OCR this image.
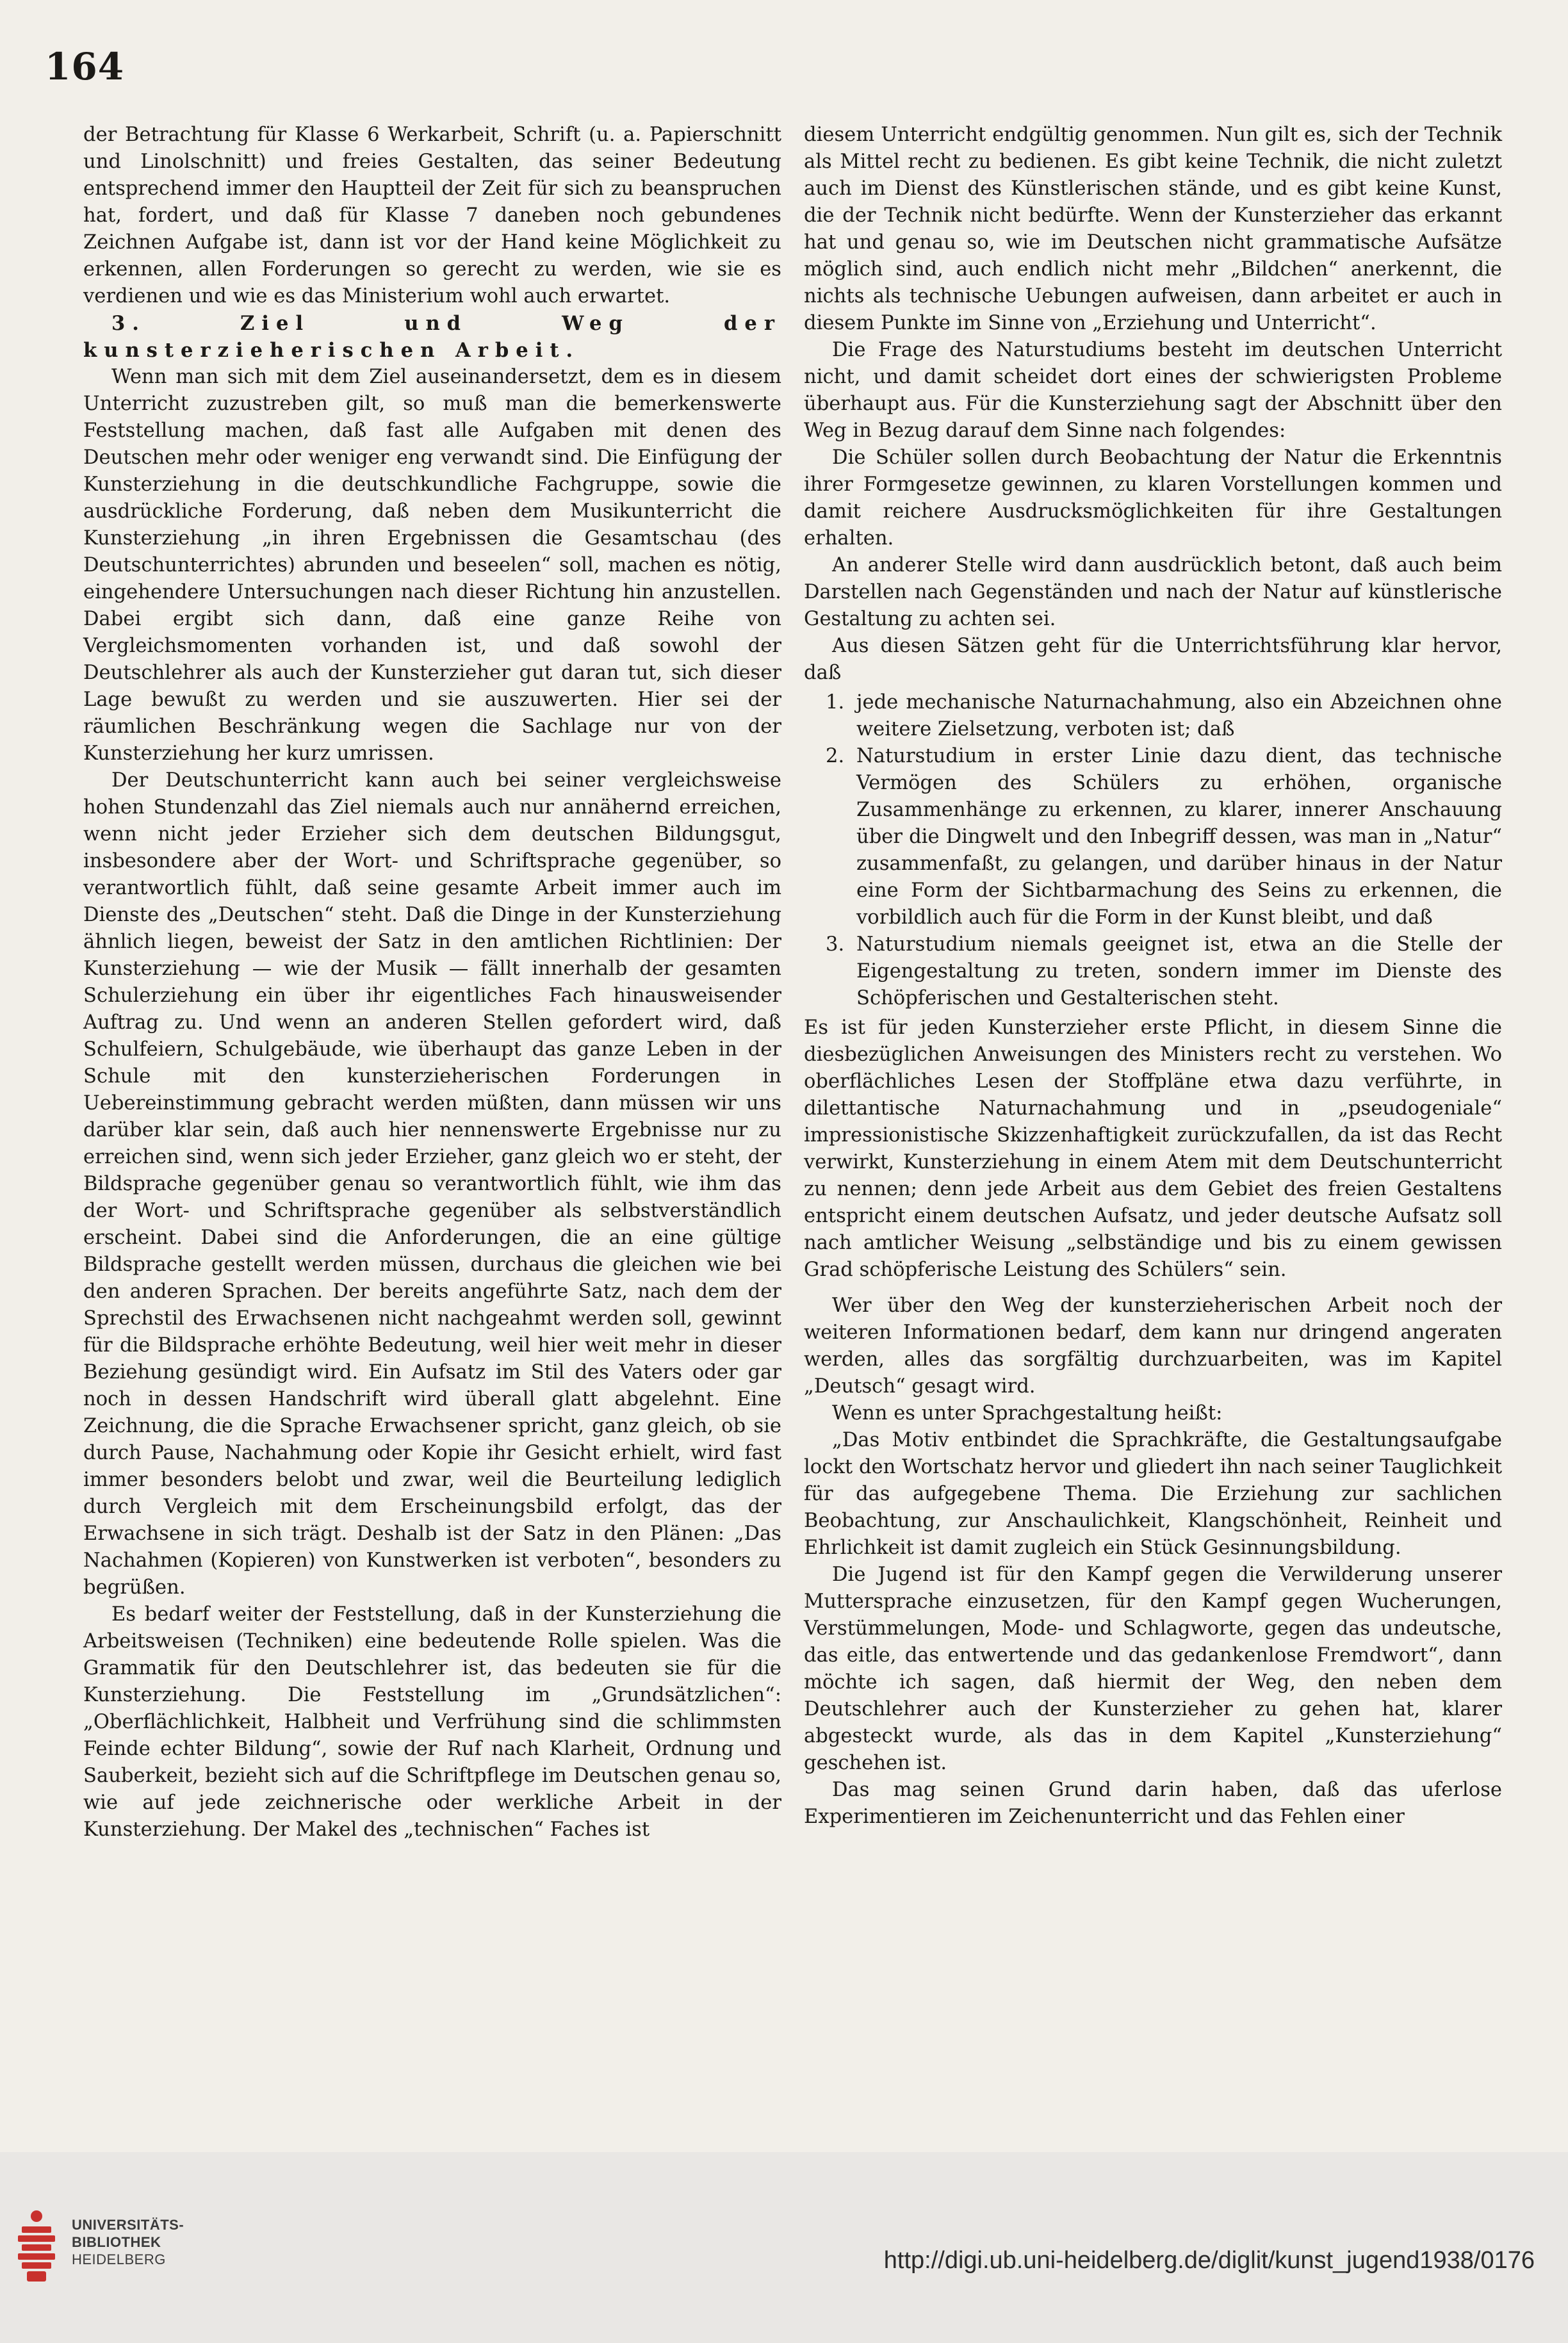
164

der Betrachtung für Klasse 6 Werkarbeit, Schrift (u. a. Papierschnitt und Linolschnitt) und freies Gestalten, das seiner Bedeutung entsprechend immer den Hauptteil der Zeit für sich zu beanspruchen hat, fordert, und daß für Klasse 7 daneben noch gebundenes Zeichnen Aufgabe ist, dann ist vor der Hand keine Möglichkeit zu erkennen, allen Forderungen so gerecht zu werden, wie sie es verdienen und wie es das Ministerium wohl auch erwartet.

3. Ziel und Weg der kunsterzieherischen Arbeit.

Wenn man sich mit dem Ziel auseinandersetzt, dem es in diesem Unterricht zuzustreben gilt, so muß man die bemerkenswerte Feststellung machen, daß fast alle Aufgaben mit denen des Deutschen mehr oder weniger eng verwandt sind. Die Einfügung der Kunsterziehung in die deutschkundliche Fachgruppe, sowie die ausdrückliche Forderung, daß neben dem Musikunterricht die Kunsterziehung „in ihren Ergebnissen die Gesamtschau (des Deutschunterrichtes) abrunden und beseelen“ soll, machen es nötig, eingehendere Untersuchungen nach dieser Richtung hin anzustellen. Dabei ergibt sich dann, daß eine ganze Reihe von Vergleichsmomenten vorhanden ist, und daß sowohl der Deutschlehrer als auch der Kunsterzieher gut daran tut, sich dieser Lage bewußt zu werden und sie auszuwerten. Hier sei der räumlichen Beschränkung wegen die Sachlage nur von der Kunsterziehung her kurz umrissen.

Der Deutschunterricht kann auch bei seiner vergleichsweise hohen Stundenzahl das Ziel niemals auch nur annähernd erreichen, wenn nicht jeder Erzieher sich dem deutschen Bildungsgut, insbesondere aber der Wort- und Schriftsprache gegenüber, so verantwortlich fühlt, daß seine gesamte Arbeit immer auch im Dienste des „Deutschen“ steht. Daß die Dinge in der Kunsterziehung ähnlich liegen, beweist der Satz in den amtlichen Richtlinien: Der Kunsterziehung — wie der Musik — fällt innerhalb der gesamten Schulerziehung ein über ihr eigentliches Fach hinausweisender Auftrag zu. Und wenn an anderen Stellen gefordert wird, daß Schulfeiern, Schulgebäude, wie überhaupt das ganze Leben in der Schule mit den kunsterzieherischen Forderungen in Uebereinstimmung gebracht werden müßten, dann müssen wir uns darüber klar sein, daß auch hier nennenswerte Ergebnisse nur zu erreichen sind, wenn sich jeder Erzieher, ganz gleich wo er steht, der Bildsprache gegenüber genau so verantwortlich fühlt, wie ihm das der Wort- und Schriftsprache gegenüber als selbstverständlich erscheint. Dabei sind die Anforderungen, die an eine gültige Bildsprache gestellt werden müssen, durchaus die gleichen wie bei den anderen Sprachen. Der bereits angeführte Satz, nach dem der Sprechstil des Erwachsenen nicht nachgeahmt werden soll, gewinnt für die Bildsprache erhöhte Bedeutung, weil hier weit mehr in dieser Beziehung gesündigt wird. Ein Aufsatz im Stil des Vaters oder gar noch in dessen Handschrift wird überall glatt abgelehnt. Eine Zeichnung, die die Sprache Erwachsener spricht, ganz gleich, ob sie durch Pause, Nachahmung oder Kopie ihr Gesicht erhielt, wird fast immer besonders belobt und zwar, weil die Beurteilung lediglich durch Vergleich mit dem Erscheinungsbild erfolgt, das der Erwachsene in sich trägt. Deshalb ist der Satz in den Plänen: „Das Nachahmen (Kopieren) von Kunstwerken ist verboten“, besonders zu begrüßen.

Es bedarf weiter der Feststellung, daß in der Kunsterziehung die Arbeitsweisen (Techniken) eine bedeutende Rolle spielen. Was die Grammatik für den Deutschlehrer ist, das bedeuten sie für die Kunsterziehung. Die Feststellung im „Grundsätzlichen“: „Oberflächlichkeit, Halbheit und Verfrühung sind die schlimmsten Feinde echter Bildung“, sowie der Ruf nach Klarheit, Ordnung und Sauberkeit, bezieht sich auf die Schriftpflege im Deutschen genau so, wie auf jede zeichnerische oder werkliche Arbeit in der Kunsterziehung. Der Makel des „technischen“ Faches ist

diesem Unterricht endgültig genommen. Nun gilt es, sich der Technik als Mittel recht zu bedienen. Es gibt keine Technik, die nicht zuletzt auch im Dienst des Künstlerischen stände, und es gibt keine Kunst, die der Technik nicht bedürfte. Wenn der Kunsterzieher das erkannt hat und genau so, wie im Deutschen nicht grammatische Aufsätze möglich sind, auch endlich nicht mehr „Bildchen“ anerkennt, die nichts als technische Uebungen aufweisen, dann arbeitet er auch in diesem Punkte im Sinne von „Erziehung und Unterricht“.

Die Frage des Naturstudiums besteht im deutschen Unterricht nicht, und damit scheidet dort eines der schwierigsten Probleme überhaupt aus. Für die Kunsterziehung sagt der Abschnitt über den Weg in Bezug darauf dem Sinne nach folgendes:

Die Schüler sollen durch Beobachtung der Natur die Erkenntnis ihrer Formgesetze gewinnen, zu klaren Vorstellungen kommen und damit reichere Ausdrucksmöglichkeiten für ihre Gestaltungen erhalten.

An anderer Stelle wird dann ausdrücklich betont, daß auch beim Darstellen nach Gegenständen und nach der Natur auf künstlerische Gestaltung zu achten sei.

Aus diesen Sätzen geht für die Unterrichtsführung klar hervor, daß

1. jede mechanische Naturnachahmung, also ein Abzeichnen ohne weitere Zielsetzung, verboten ist; daß
2. Naturstudium in erster Linie dazu dient, das technische Vermögen des Schülers zu erhöhen, organische Zusammenhänge zu erkennen, zu klarer, innerer Anschauung über die Dingwelt und den Inbegriff dessen, was man in „Natur“ zusammenfaßt, zu gelangen, und darüber hinaus in der Natur eine Form der Sichtbarmachung des Seins zu erkennen, die vorbildlich auch für die Form in der Kunst bleibt, und daß
3. Naturstudium niemals geeignet ist, etwa an die Stelle der Eigengestaltung zu treten, sondern immer im Dienste des Schöpferischen und Gestalterischen steht.

Es ist für jeden Kunsterzieher erste Pflicht, in diesem Sinne die diesbezüglichen Anweisungen des Ministers recht zu verstehen. Wo oberflächliches Lesen der Stoffpläne etwa dazu verführte, in dilettantische Naturnachahmung und in „pseudogeniale“ impressionistische Skizzenhaftigkeit zurückzufallen, da ist das Recht verwirkt, Kunsterziehung in einem Atem mit dem Deutschunterricht zu nennen; denn jede Arbeit aus dem Gebiet des freien Gestaltens entspricht einem deutschen Aufsatz, und jeder deutsche Aufsatz soll nach amtlicher Weisung „selbständige und bis zu einem gewissen Grad schöpferische Leistung des Schülers“ sein.

Wer über den Weg der kunsterzieherischen Arbeit noch der weiteren Informationen bedarf, dem kann nur dringend angeraten werden, alles das sorgfältig durchzuarbeiten, was im Kapitel „Deutsch“ gesagt wird.

Wenn es unter Sprachgestaltung heißt:

„Das Motiv entbindet die Sprachkräfte, die Gestaltungsaufgabe lockt den Wortschatz hervor und gliedert ihn nach seiner Tauglichkeit für das aufgegebene Thema. Die Erziehung zur sachlichen Beobachtung, zur Anschaulichkeit, Klangschönheit, Reinheit und Ehrlichkeit ist damit zugleich ein Stück Gesinnungsbildung.

Die Jugend ist für den Kampf gegen die Verwilderung unserer Muttersprache einzusetzen, für den Kampf gegen Wucherungen, Verstümmelungen, Mode- und Schlagworte, gegen das undeutsche, das eitle, das entwertende und das gedankenlose Fremdwort“, dann möchte ich sagen, daß hiermit der Weg, den neben dem Deutschlehrer auch der Kunsterzieher zu gehen hat, klarer abgesteckt wurde, als das in dem Kapitel „Kunsterziehung“ geschehen ist.

Das mag seinen Grund darin haben, daß das uferlose Experimentieren im Zeichenunterricht und das Fehlen einer

UNIVERSITÄTS-
BIBLIOTHEK
HEIDELBERG	http://digi.ub.uni-heidelberg.de/diglit/kunst_jugend1938/0176
